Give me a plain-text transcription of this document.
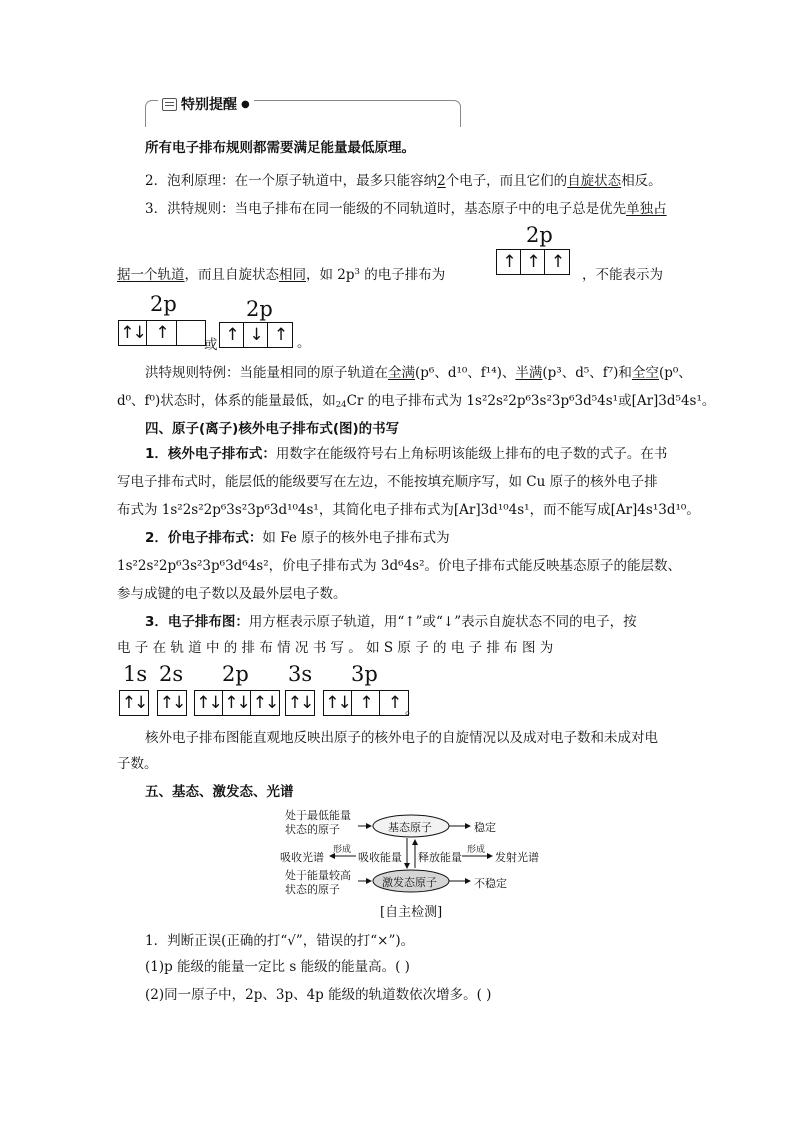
特别提醒 ●
所有电子排布规则都需要满足能量最低原理。
2．泡利原理：在一个原子轨道中，最多只能容纳2个电子，而且它们的自旋状态相反。
3．洪特规则：当电子排布在同一能级的不同轨道时，基态原子中的电子总是优先单独占
2p
↑ ↑ ↑
据一个轨道，而且自旋状态相同，如 $2p^3$ 的电子排布为	，不能表示为
2p
↑↓ ↑
或
2p
↑ ↓ ↑ 。
洪特规则特例：当能量相同的原子轨道在全满(p⁶、d¹⁰、f¹⁴)、半满(p³、d⁵、f⁷)和全空(p⁰、
d⁰、f⁰)状态时，体系的能量最低，如$_{24}$Cr 的电子排布式为 1s²2s²2p⁶3s²3p⁶3d⁵4s¹或[Ar]3d⁵4s¹。
四、原子(离子)核外电子排布式(图)的书写
1．核外电子排布式：用数字在能级符号右上角标明该能级上排布的电子数的式子。在书
写电子排布式时，能层低的能级要写在左边，不能按填充顺序写，如 Cu 原子的核外电子排
布式为 1s²2s²2p⁶3s²3p⁶3d¹⁰4s¹，其简化电子排布式为[Ar]3d¹⁰4s¹，而不能写成[Ar]4s¹3d¹⁰。
2．价电子排布式：如 Fe 原子的核外电子排布式为
1s²2s²2p⁶3s²3p⁶3d⁶4s²，价电子排布式为 3d⁶4s²。价电子排布式能反映基态原子的能层数、
参与成键的电子数以及最外层电子数。
3．电子排布图：用方框表示原子轨道，用“↑”或“↓”表示自旋状态不同的电子，按
电 子 在 轨 道 中 的 排 布 情 况 书 写 。 如 S 原 子 的 电 子 排 布 图 为
1s
↑↓
2s
↑↓
2p
↑↓ ↑↓ ↑↓
3s
↑↓
3p
↑↓ ↑ ↑ 。
核外电子排布图能直观地反映出原子的核外电子的自旋情况以及成对电子数和未成对电
子数。
五、基态、激发态、光谱
处于最低能量
状态的原子	基态原子	稳定
吸收光谱
形成
吸收能量 释放能量
形成
发射光谱
处于能量较高
状态的原子
激发态原子	不稳定
[自主检测]
1．判断正误(正确的打“√”，错误的打“×”)。
(1)p 能级的能量一定比 s 能级的能量高。( )
(2)同一原子中，2p、3p、4p 能级的轨道数依次增多。( )
